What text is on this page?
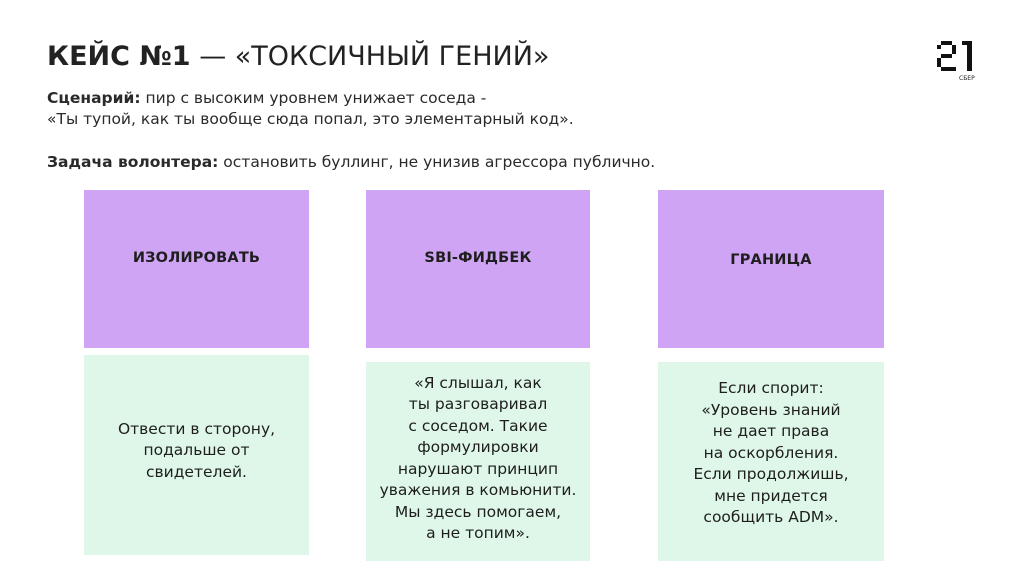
КЕЙС №1 — «ТОКСИЧНЫЙ ГЕНИЙ»
СБЕР
Сценарий: пир с высоким уровнем унижает соседа -
«Ты тупой, как ты вообще сюда попал, это элементарный код».
Задача волонтера: остановить буллинг, не унизив агрессора публично.
ИЗОЛИРОВАТЬ	SBI-ФИДБЕК	ГРАНИЦА
Отвести в сторону,
подальше от
свидетелей.
«Я слышал, как
ты разговаривал
с соседом. Такие
формулировки
нарушают принцип
уважения в комьюнити.
Мы здесь помогаем,
а не топим».
Если спорит:
«Уровень знаний
не дает права
на оскорбления.
Если продолжишь,
мне придется
сообщить ADM».
